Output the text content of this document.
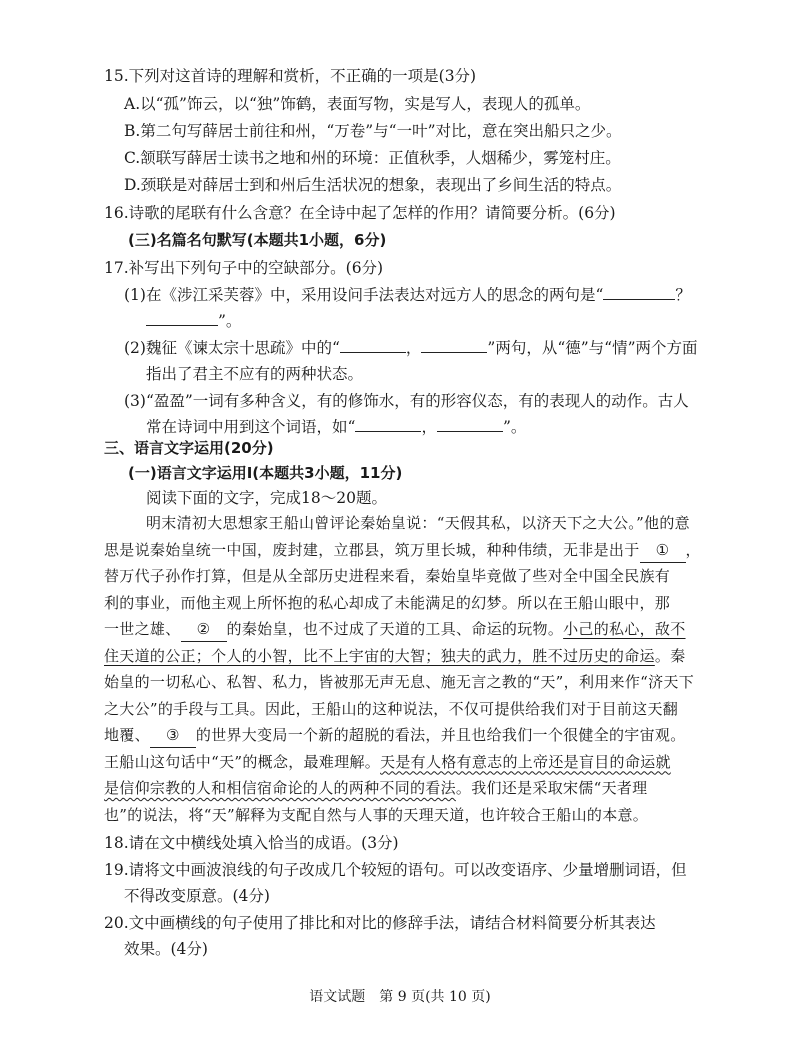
15.下列对这首诗的理解和赏析，不正确的一项是(3分)
A.以“孤”饰云，以“独”饰鹤，表面写物，实是写人，表现人的孤单。
B.第二句写薛居士前往和州，“万卷”与“一叶”对比，意在突出船只之少。
C.颔联写薛居士读书之地和州的环境：正值秋季，人烟稀少，雾笼村庄。
D.颈联是对薛居士到和州后生活状况的想象，表现出了乡间生活的特点。
16.诗歌的尾联有什么含意？在全诗中起了怎样的作用？请简要分析。(6分)
(三)名篇名句默写(本题共1小题，6分)
17.补写出下列句子中的空缺部分。(6分)
(1)在《涉江采芙蓉》中，采用设问手法表达对远方人的思念的两句是“	？
”。
(2)魏征《谏太宗十思疏》中的“	，	”两句，从“德”与“情”两个方面
指出了君主不应有的两种状态。
(3)“盈盈”一词有多种含义，有的修饰水，有的形容仪态，有的表现人的动作。古人
常在诗词中用到这个词语，如“	，	”。
三、语言文字运用(20分)
(一)语言文字运用Ⅰ(本题共3小题，11分)
阅读下面的文字，完成18～20题。
明末清初大思想家王船山曾评论秦始皇说：“天假其私，以济天下之大公。”他的意
思是说秦始皇统一中国，废封建，立郡县，筑万里长城，种种伟绩，无非是出于 ① ，
替万代子孙作打算，但是从全部历史进程来看，秦始皇毕竟做了些对全中国全民族有
利的事业，而他主观上所怀抱的私心却成了未能满足的幻梦。所以在王船山眼中，那
一世之雄、 ② 的秦始皇，也不过成了天道的工具、命运的玩物。小己的私心，敌不
住天道的公正；个人的小智，比不上宇宙的大智；独夫的武力，胜不过历史的命运。秦
始皇的一切私心、私智、私力，皆被那无声无息、施无言之教的“天”，利用来作“济天下
之大公”的手段与工具。因此，王船山的这种说法，不仅可提供给我们对于目前这天翻
地覆、 ③ 的世界大变局一个新的超脱的看法，并且也给我们一个很健全的宇宙观。
王船山这句话中“天”的概念，最难理解。天是有人格有意志的上帝还是盲目的命运就
是信仰宗教的人和相信宿命论的人的两种不同的看法。我们还是采取宋儒“天者理
也”的说法，将“天”解释为支配自然与人事的天理天道，也许较合王船山的本意。
18.请在文中横线处填入恰当的成语。(3分)
19.请将文中画波浪线的句子改成几个较短的语句。可以改变语序、少量增删词语，但
语文试题　第 9 页(共 10 页)
不得改变原意。(4分)
20.文中画横线的句子使用了排比和对比的修辞手法，请结合材料简要分析其表达
效果。(4分)
